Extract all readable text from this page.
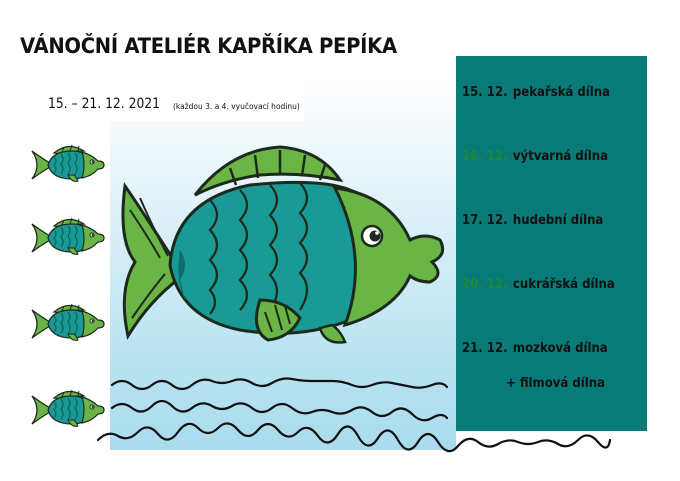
VÁNOČNÍ ATELIÉR KAPŘÍKA PEPÍKA

15. – 21. 12. 2021 (každou 3. a 4. vyučovací hodinu)
15. 12. pekařská dílna
16. 12. výtvarná dílna
17. 12. hudební dílna
20. 12. cukrářská dílna
21. 12. mozková dílna
+ filmová dílna
